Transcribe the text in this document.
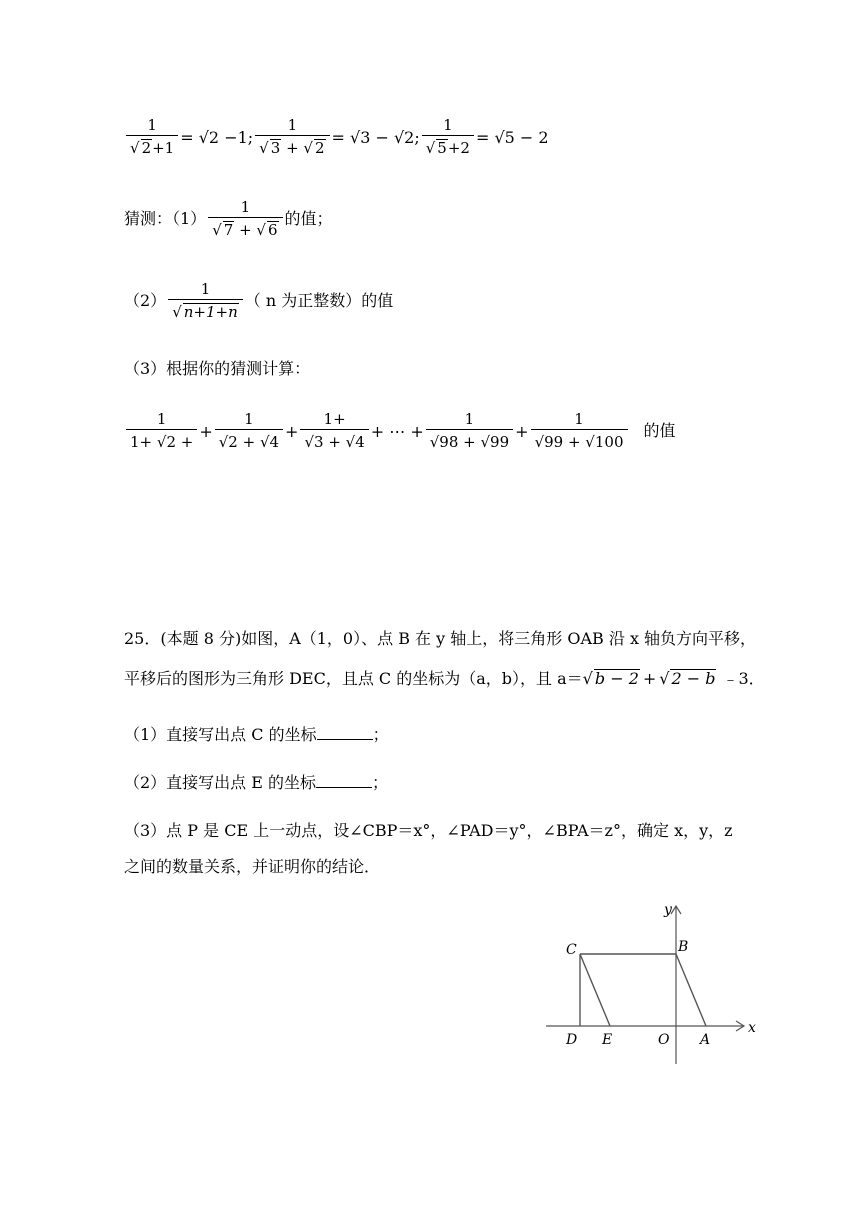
$\frac{1}{√ 2+1} = √2 -1$; $\frac{1}{√ 3 + √ 2} = √3 - √2$; $\frac{1}{√ 5+2} = √5 - 2$
猜测：$(1) \frac{1}{√ 7 + √ 6}$ 的值；
$(2) \frac{1}{√ n+1+n}$ （ n 为正整数）的值
（3）根据你的猜测计算：
$\frac{1}{1+ √2 +} + \frac{1}{√2 + √4} + \frac{1+}{√3 + √4}$ + ⋯ + $\frac{1}{√98 + √99} + \frac{1}{√99 + √100}$ 的值
25．(本题 8 分)如图，A（1，0）、点 B 在 y 轴上，将三角形 OAB 沿 x 轴负方向平移，
平移后的图形为三角形 DEC，且点 C 的坐标为（a，b），且 a＝ √ b − 2 + √ 2 − b ﹣3．
（1）直接写出点 C 的坐标	；
（2）直接写出点 E 的坐标	；
（3）点 P 是 CE 上一动点，设∠CBP＝x°，∠PAD＝y°，∠BPA＝z°，确定 x，y，z
之间的数量关系，并证明你的结论．
y
x
C	B
D E	O A
